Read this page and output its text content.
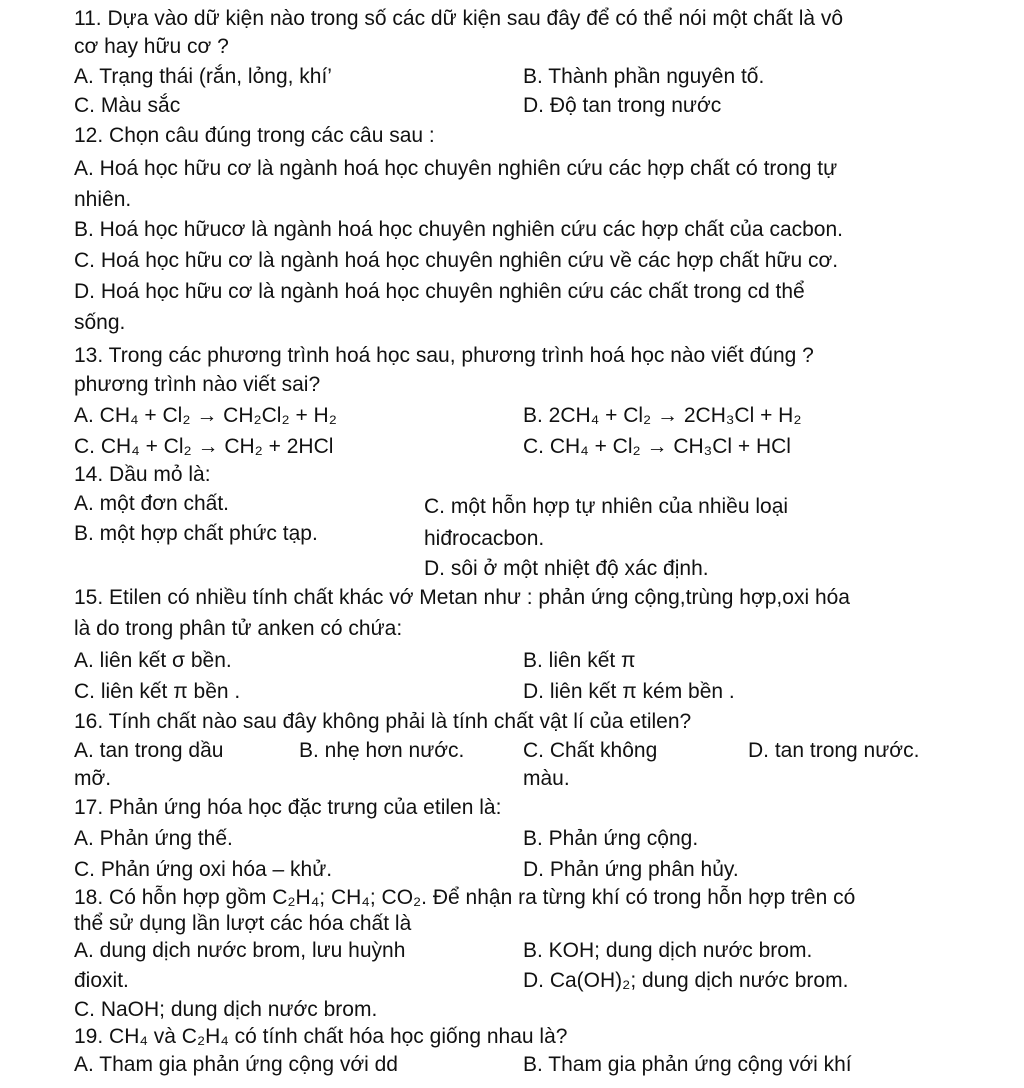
11. Dựa vào dữ kiện nào trong số các dữ kiện sau đây để có thể nói một chất là vô
cơ hay hữu cơ ?
A. Trạng thái (rắn, lỏng, khí’	B. Thành phần nguyên tố.
C. Màu sắc	D. Độ tan trong nước
12. Chọn câu đúng trong các câu sau :
A. Hoá học hữu cơ là ngành hoá học chuyên nghiên cứu các hợp chất có trong tự
nhiên.
B. Hoá học hữucơ là ngành hoá học chuyên nghiên cứu các hợp chất của cacbon.
C. Hoá học hữu cơ là ngành hoá học chuyên nghiên cứu về các hợp chất hữu cơ.
D. Hoá học hữu cơ là ngành hoá học chuyên nghiên cứu các chất trong cd thể
sống.
13. Trong các phương trình hoá học sau, phương trình hoá học nào viết đúng ?
phương trình nào viết sai?
A. CH₄ + Cl₂ → CH₂Cl₂ + H₂	B. 2CH₄ + Cl₂ → 2CH₃Cl + H₂
C. CH₄ + Cl₂ → CH₂ + 2HCl	C. CH₄ + Cl₂ → CH₃Cl + HCl
14. Dầu mỏ là:
A. một đơn chất.	C. một hỗn hợp tự nhiên của nhiều loại
B. một hợp chất phức tạp.	hiđrocacbon.
D. sôi ở một nhiệt độ xác định.
15. Etilen có nhiều tính chất khác vớ Metan như : phản ứng cộng,trùng hợp,oxi hóa
là do trong phân tử anken có chứa:
A. liên kết σ bền.	B. liên kết π
C. liên kết π bền .	D. liên kết π kém bền .
16. Tính chất nào sau đây không phải là tính chất vật lí của etilen?
A. tan trong dầu	B. nhẹ hơn nước.	C. Chất không	D. tan trong nước.
mỡ.	màu.
17. Phản ứng hóa học đặc trưng của etilen là:
A. Phản ứng thế.	B. Phản ứng cộng.
C. Phản ứng oxi hóa – khử.	D. Phản ứng phân hủy.
18. Có hỗn hợp gồm C₂H₄; CH₄; CO₂. Để nhận ra từng khí có trong hỗn hợp trên có
thể sử dụng lần lượt các hóa chất là
A. dung dịch nước brom, lưu huỳnh	B. KOH; dung dịch nước brom.
đioxit.	D. Ca(OH)₂; dung dịch nước brom.
C. NaOH; dung dịch nước brom.
19. CH₄ và C₂H₄ có tính chất hóa học giống nhau là?
A. Tham gia phản ứng cộng với dd	B. Tham gia phản ứng cộng với khí
